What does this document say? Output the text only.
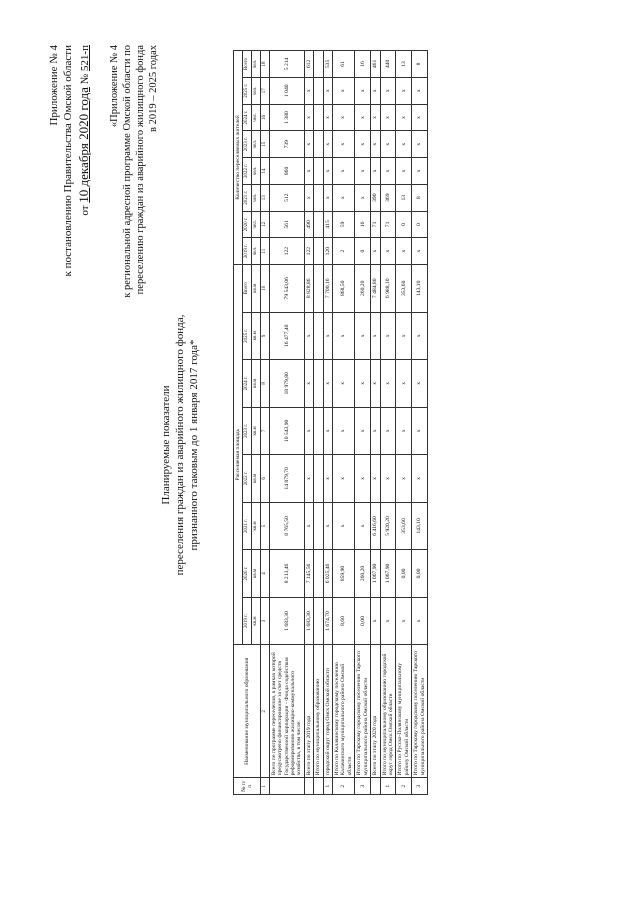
Приложение № 4 к постановлению Правительства Омской области от 10 декабря 2020 года № 521-п «Приложение № 4 к региональной адресной программе Омской области по переселению граждан из аварийного жилищного фонда в 2019 – 2025 годах
Планируемые показатели переселения граждан из аварийного жилищного фонда, признанного таковым до 1 января 2017 года*
№ п/п	Наименование муниципального образования	Расселяемая площадь								Количество переселяемых жителей							
		2019 г.	2020 г.	2021 г.	2022 г.	2023 г.	2024 г.	2025 г.	Всего	2019 г.	2020 г.	2021 г.	2022 г.	2023 г.	2024 г.	2025 г.	Всего
		кв.м	кв.м	кв.м	кв.м	кв.м	кв.м	кв.м	кв.м	чел.	чел.	чел.	чел.	чел.	чел.	чел.	чел.
1	2	3	4	5	6	7	8	9	10	11	12	13	14	15	16	17	18
	Всего по программе переселения, в рамках которой предусмотрено финансирование за счет средств Государственной корпорации - Фонда содействия реформированию жилищно-коммунального хозяйства, в том числе:	1 683,30	8 213,46	8 765,50	14 879,70	10 543,90	18 979,80	16 477,40	79 543,06	122	561	512	860	739	1 380	1 040	5 214
	Всего по этапу 2019 года	1 683,30	7 145,56	х	х	х	х	х	8 828,86	122	490	х	х	х	х	х	612
	Итого по муниципальному образованию																
1	городской округ город Омск Омской области	1 674,70	6 025,46	х	х	х	х	х	7 700,16	120	415	х	х	х	х	х	535
2	Итого по Калачинскому городскому поселению Калачинского муниципального района Омской области	8,60	859,90	х	х	х	х	х	868,50	2	59	х	х	х	х	х	61
3	Итого по Тарскому городскому поселению Тарского муниципального района Омской области	0,00	260,20	х	х	х	х	х	260,20	0	16	х	х	х	х	х	16
	Всего по этапу 2020 года	х	1 067,90	6 416,60	х	х	х	х	7 484,80	х	71	390	х	х	х	х	461
1	Итого по муниципальному образованию городской округ город Омск Омской области	х	1 067,90	5 920,20	х	х	х	х	6 988,10	х	71	369	х	х	х	х	440
2	Итого по Русско-Полянскому муниципальному району Омской области	х	0,00	353,60	х	х	х	х	353,60	х	0	13	х	х	х	х	13
3	Итого по Тарскому городскому поселению Тарского муниципального района Омской области	х	0,00	143,10	х	х	х	х	143,10	х	0	8	х	х	х	х	8
